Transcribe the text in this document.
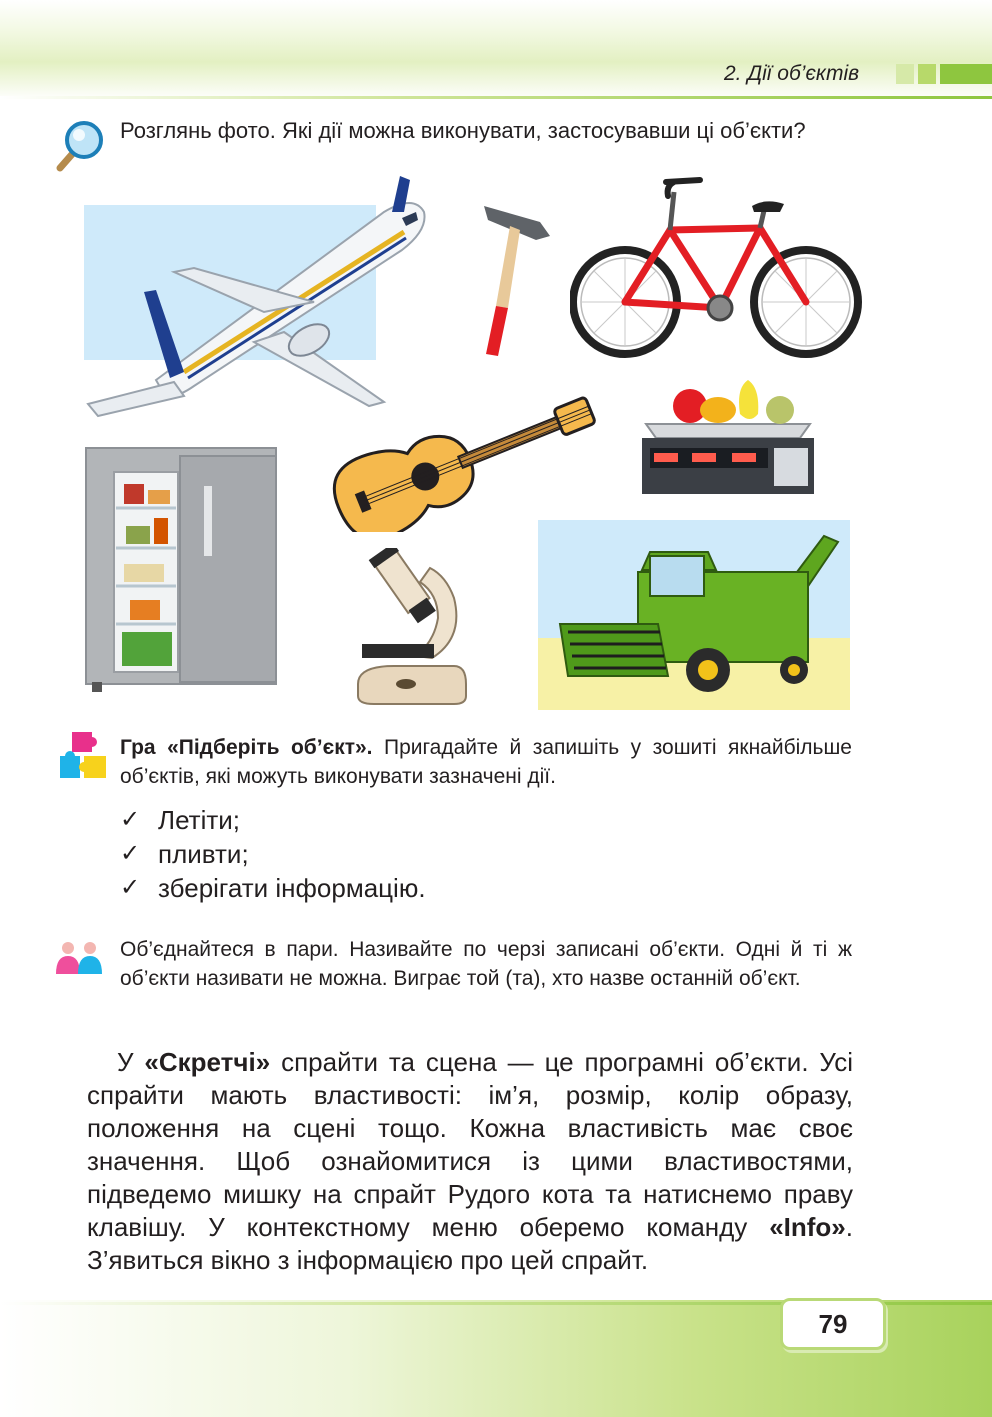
2. Дії об’єктів

Розглянь фото. Які дії можна виконувати, застосувавши ці об’єкти?

Гра «Підберіть об’єкт». Пригадайте й запишіть у зошиті якнайбільше об’єктів, які можуть виконувати зазначені дії.

✓ Летіти;
✓ пливти;
✓ зберігати інформацію.

Об’єднайтеся в пари. Називайте по черзі записані об’єкти. Одні й ті ж об’єкти називати не можна. Виграє той (та), хто назве останній об’єкт.

У «Скретчі» спрайти та сцена — це програмні об’єкти. Усі спрайти мають властивості: ім’я, розмір, колір образу, положення на сцені тощо. Кожна властивість має своє значення. Щоб ознайомитися із цими властивостями, підведемо мишку на спрайт Рудого кота та натиснемо праву клавішу. У контекстному меню оберемо команду «Info». З’явиться вікно з інформацією про цей спрайт.

79
